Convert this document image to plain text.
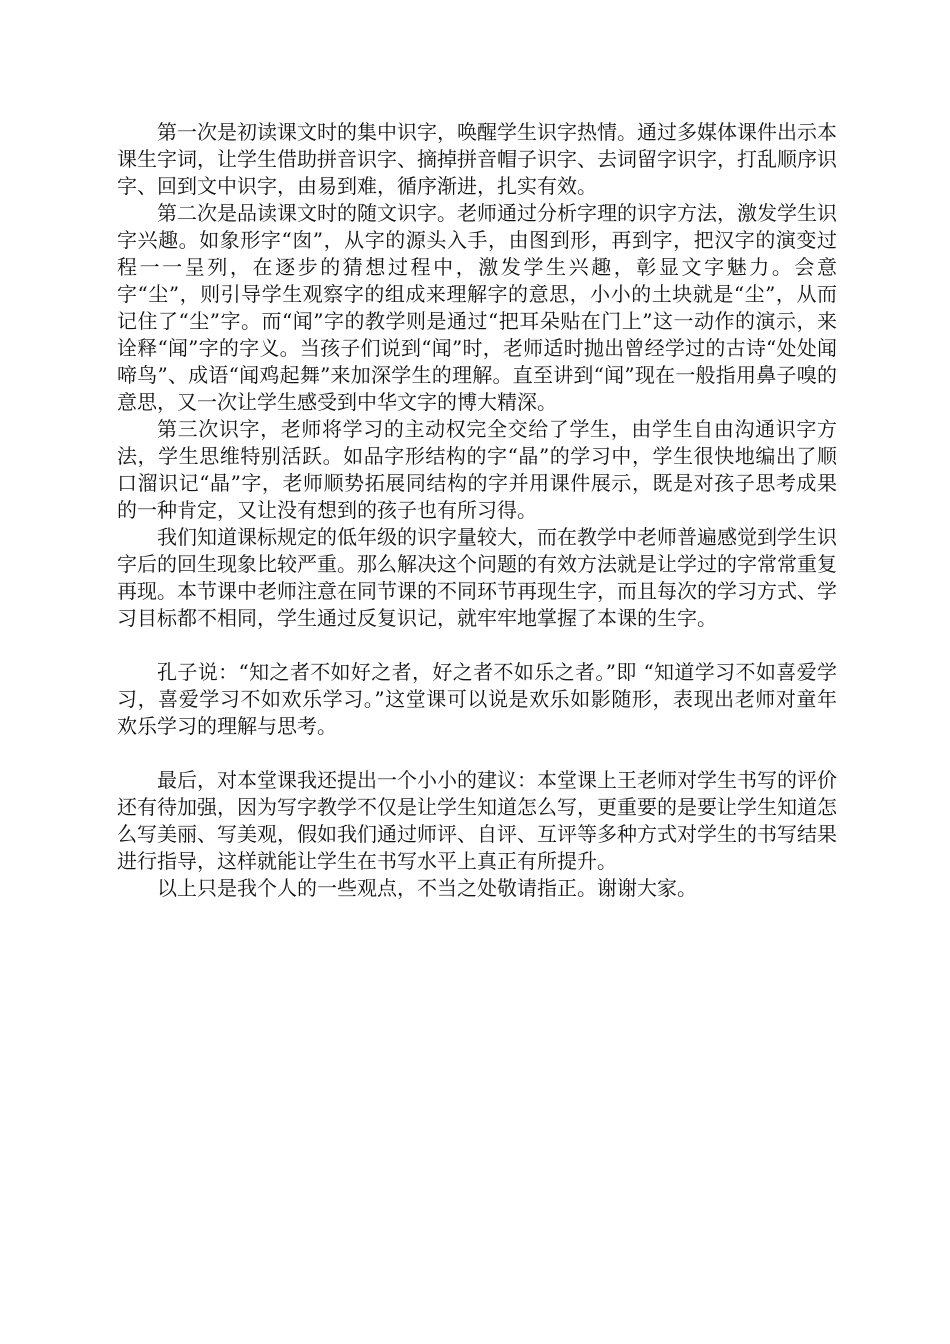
第一次是初读课文时的集中识字，唤醒学生识字热情。通过多媒体课件出示本课生字词，让学生借助拼音识字、摘掉拼音帽子识字、去词留字识字，打乱顺序识字、回到文中识字，由易到难，循序渐进，扎实有效。

第二次是品读课文时的随文识字。老师通过分析字理的识字方法，激发学生识字兴趣。如象形字“囱”，从字的源头入手，由图到形，再到字，把汉字的演变过程一一呈列，在逐步的猜想过程中，激发学生兴趣，彰显文字魅力。会意字“尘”，则引导学生观察字的组成来理解字的意思，小小的土块就是“尘”，从而记住了“尘”字。而“闻”字的教学则是通过“把耳朵贴在门上”这一动作的演示，来诠释“闻”字的字义。当孩子们说到“闻”时，老师适时抛出曾经学过的古诗“处处闻啼鸟”、成语“闻鸡起舞”来加深学生的理解。直至讲到“闻”现在一般指用鼻子嗅的意思，又一次让学生感受到中华文字的博大精深。

第三次识字，老师将学习的主动权完全交给了学生，由学生自由沟通识字方法，学生思维特别活跃。如品字形结构的字“晶”的学习中，学生很快地编出了顺口溜识记“晶”字，老师顺势拓展同结构的字并用课件展示，既是对孩子思考成果的一种肯定，又让没有想到的孩子也有所习得。

我们知道课标规定的低年级的识字量较大，而在教学中老师普遍感觉到学生识字后的回生现象比较严重。那么解决这个问题的有效方法就是让学过的字常常重复再现。本节课中老师注意在同节课的不同环节再现生字，而且每次的学习方式、学习目标都不相同，学生通过反复识记，就牢牢地掌握了本课的生字。

孔子说：“知之者不如好之者，好之者不如乐之者。”即 “知道学习不如喜爱学习，喜爱学习不如欢乐学习。”这堂课可以说是欢乐如影随形，表现出老师对童年欢乐学习的理解与思考。

最后，对本堂课我还提出一个小小的建议：本堂课上王老师对学生书写的评价还有待加强，因为写字教学不仅是让学生知道怎么写，更重要的是要让学生知道怎么写美丽、写美观，假如我们通过师评、自评、互评等多种方式对学生的书写结果进行指导，这样就能让学生在书写水平上真正有所提升。

以上只是我个人的一些观点，不当之处敬请指正。谢谢大家。
